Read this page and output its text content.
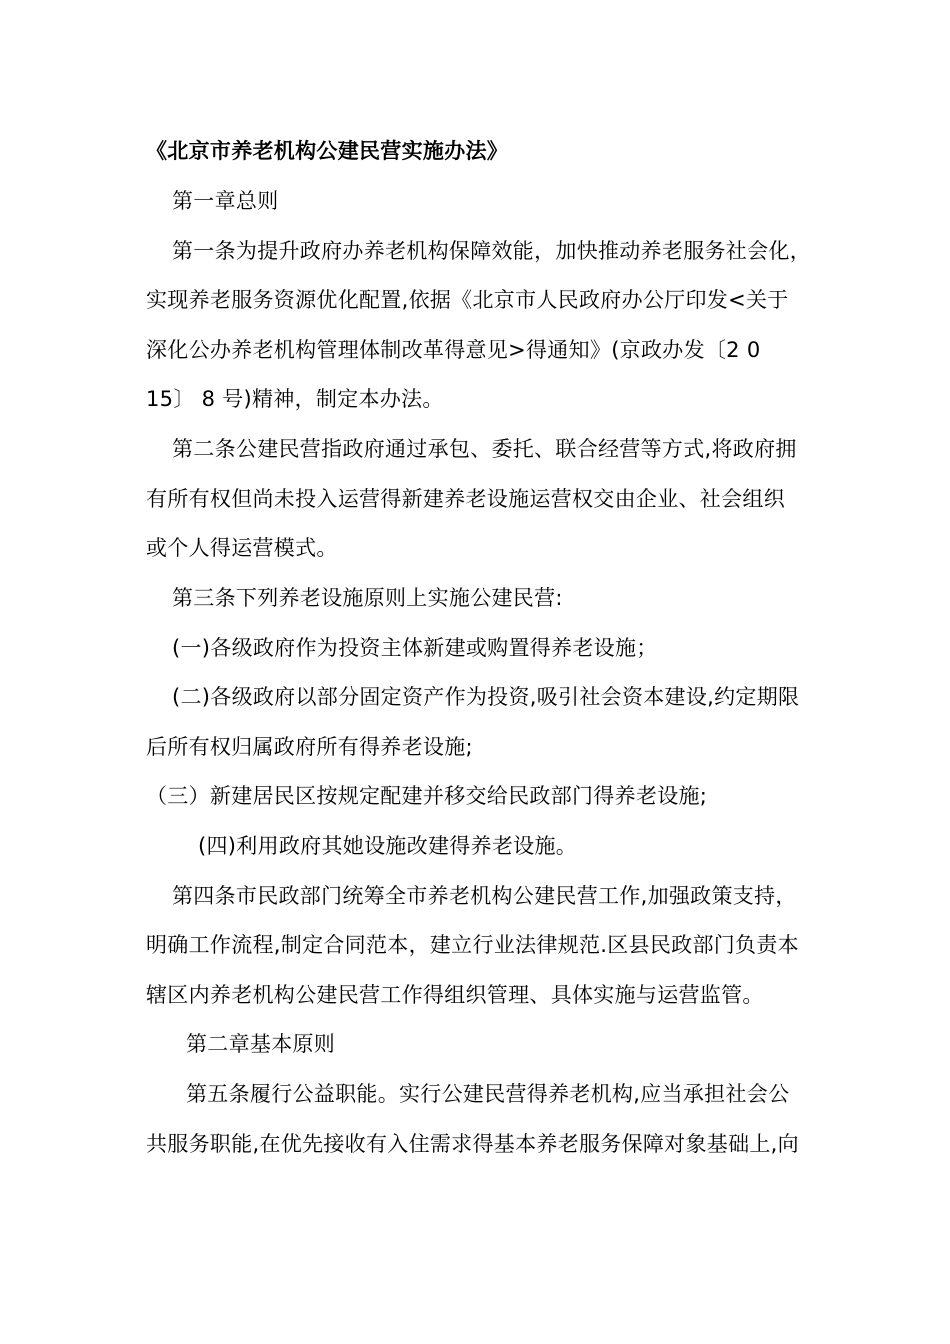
《北京市养老机构公建民营实施办法》
第一章总则
第一条为提升政府办养老机构保障效能，加快推动养老服务社会化，
实现养老服务资源优化配置,依据《北京市人民政府办公厅印发<关于
深化公办养老机构管理体制改革得意见>得通知》(京政办发〔2 0
15〕 8 号)精神，制定本办法。
第二条公建民营指政府通过承包、委托、联合经营等方式,将政府拥
有所有权但尚未投入运营得新建养老设施运营权交由企业、社会组织
或个人得运营模式。
第三条下列养老设施原则上实施公建民营:
(一)各级政府作为投资主体新建或购置得养老设施；
(二)各级政府以部分固定资产作为投资,吸引社会资本建设,约定期限
后所有权归属政府所有得养老设施;
（三）新建居民区按规定配建并移交给民政部门得养老设施;
(四)利用政府其她设施改建得养老设施。
第四条市民政部门统筹全市养老机构公建民营工作,加强政策支持，
明确工作流程,制定合同范本，建立行业法律规范.区县民政部门负责本
辖区内养老机构公建民营工作得组织管理、具体实施与运营监管。
第二章基本原则
第五条履行公益职能。实行公建民营得养老机构,应当承担社会公
共服务职能,在优先接收有入住需求得基本养老服务保障对象基础上,向
